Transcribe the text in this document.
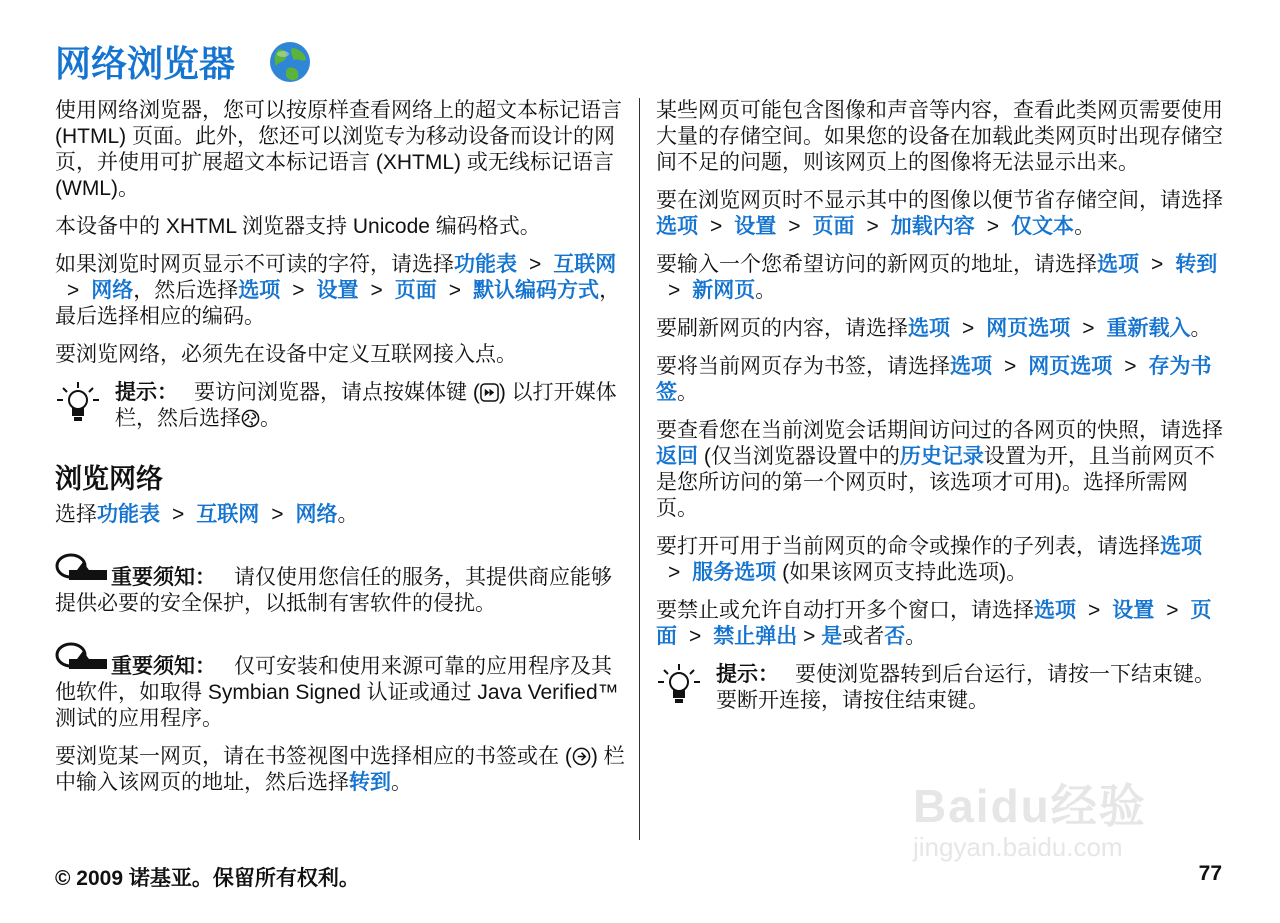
网络浏览器

使用网络浏览器，您可以按原样查看网络上的超文本标记语言 (HTML) 页面。此外，您还可以浏览专为移动设备而设计的网页，并使用可扩展超文本标记语言 (XHTML) 或无线标记语言 (WML)。

本设备中的 XHTML 浏览器支持 Unicode 编码格式。

如果浏览时网页显示不可读的字符，请选择功能表 > 互联网> 网络，然后选择选项 > 设置 > 页面 > 默认编码方式，最后选择相应的编码。

要浏览网络，必须先在设备中定义互联网接入点。

提示： 要访问浏览器，请点按媒体键 ( ) 以打开媒体栏，然后选择 。
浏览网络

选择功能表 > 互联网 > 网络。

重要须知： 请仅使用您信任的服务，其提供商应能够提供必要的安全保护，以抵制有害软件的侵扰。

重要须知： 仅可安装和使用来源可靠的应用程序及其他软件，如取得 Symbian Signed 认证或通过 Java Verified™ 测试的应用程序。

要浏览某一网页，请在书签视图中选择相应的书签或在 ( ) 栏中输入该网页的地址，然后选择转到。

某些网页可能包含图像和声音等内容，查看此类网页需要使用大量的存储空间。如果您的设备在加载此类网页时出现存储空间不足的问题，则该网页上的图像将无法显示出来。

要在浏览网页时不显示其中的图像以便节省存储空间，请选择选项 > 设置 > 页面 > 加载内容 > 仅文本。

要输入一个您希望访问的新网页的地址，请选择选项 > 转到> 新网页。

要刷新网页的内容，请选择选项 > 网页选项 > 重新载入。

要将当前网页存为书签，请选择选项 > 网页选项 > 存为书签。

要查看您在当前浏览会话期间访问过的各网页的快照，请选择返回 (仅当浏览器设置中的历史记录设置为开，且当前网页不是您所访问的第一个网页时，该选项才可用)。选择所需网页。

要打开可用于当前网页的命令或操作的子列表，请选择选项> 服务选项 (如果该网页支持此选项)。

要禁止或允许自动打开多个窗口，请选择选项 > 设置 > 页面 > 禁止弹出 > 是或者否。

提示： 要使浏览器转到后台运行，请按一下结束键。要断开连接，请按住结束键。
Baidu经验
jingyan.baidu.com
© 2009 诺基亚。保留所有权利。	77
